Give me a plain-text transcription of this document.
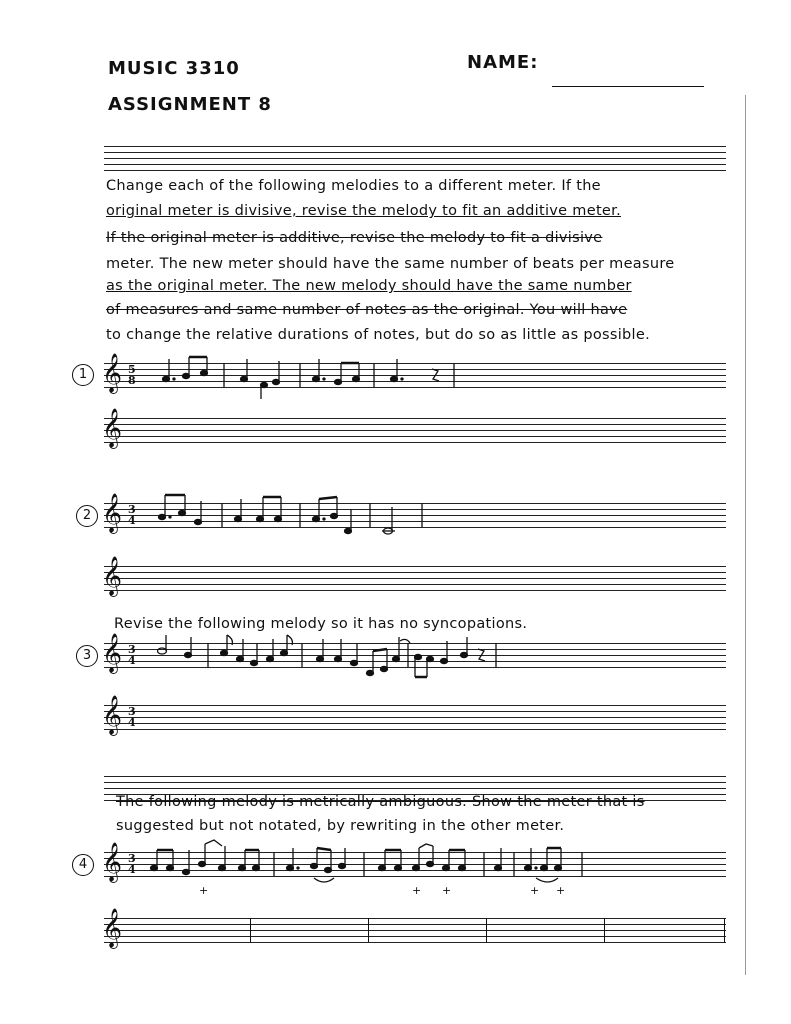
MUSIC 3310
ASSIGNMENT 8
NAME:
Change each of the following melodies to a different meter. If the
original meter is divisive, revise the melody to fit an additive meter.
If the original meter is additive, revise the melody to fit a divisive
meter. The new meter should have the same number of beats per measure
as the original meter. The new melody should have the same number
of measures and same number of notes as the original. You will have
to change the relative durations of notes, but do so as little as possible.
1 𝄞 5
8
𝄞
2 𝄞 3
4
𝄞
Revise the following melody so it has no syncopations.
3 𝄞 3
4
𝄞 3
4
The following melody is metrically ambiguous. Show the meter that is
suggested but not notated, by rewriting in the other meter.
4 𝄞 3
4
+	+ +	+ +
𝄞
